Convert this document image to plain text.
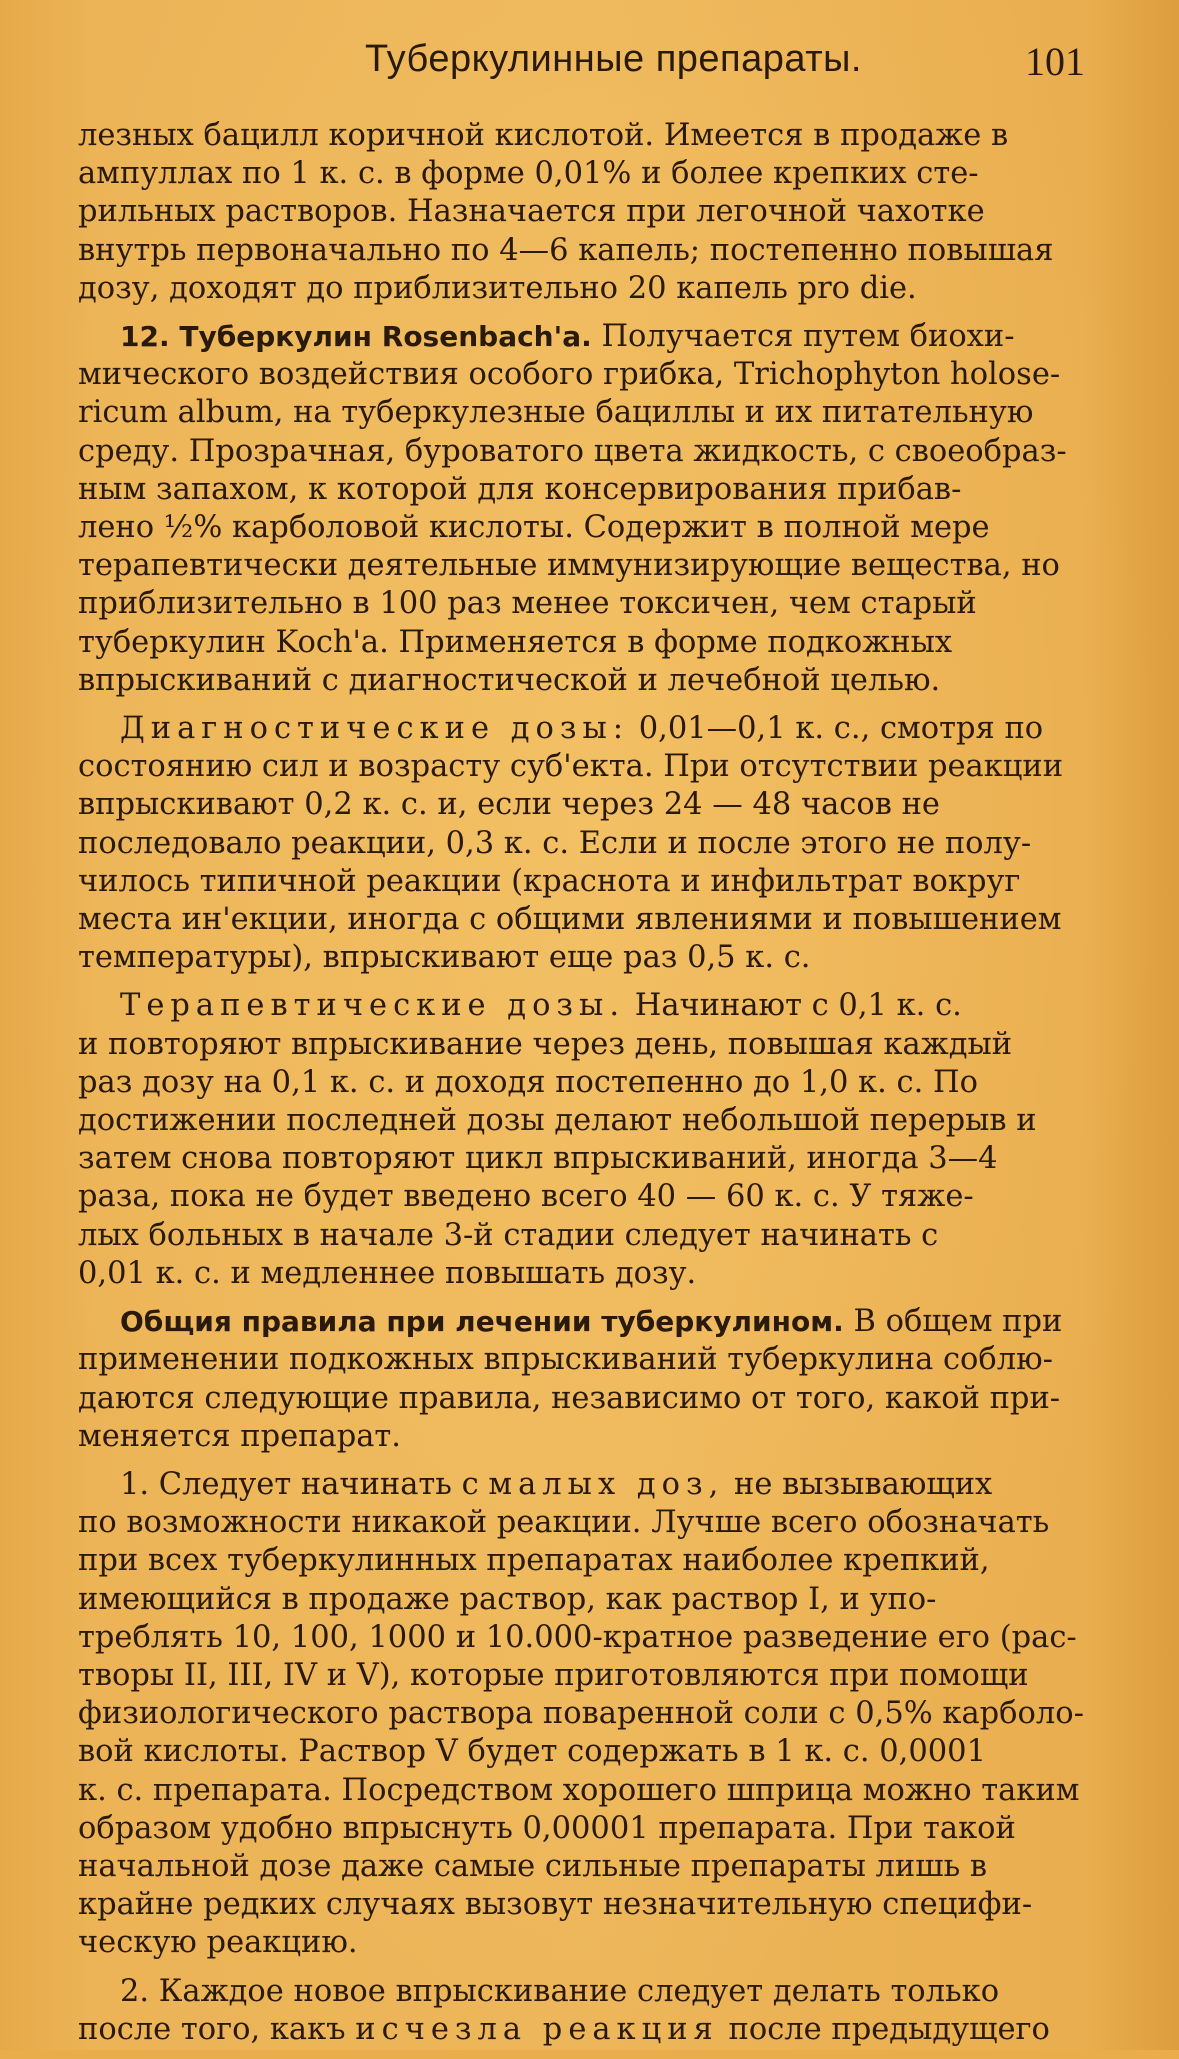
Туберкулинные препараты.	101
лезных бацилл коричной кислотой. Имеется в продаже в
ампуллах по 1 к. с. в форме 0,01% и более крепких сте-
рильных растворов. Назначается при легочной чахотке
внутрь первоначально по 4—6 капель; постепенно повышая
дозу, доходят до приблизительно 20 капель pro die.
12. Туберкулин Rosenbach'a. Получается путем биохи-
мического воздействия особого грибка, Trichophyton holose-
ricum album, на туберкулезные бациллы и их питательную
среду. Прозрачная, буроватого цвета жидкость, с своеобраз-
ным запахом, к которой для консервирования прибав-
лено ½% карболовой кислоты. Содержит в полной мере
терапевтически деятельные иммунизирующие вещества, но
приблизительно в 100 раз менее токсичен, чем старый
туберкулин Koch'a. Применяется в форме подкожных
впрыскиваний с диагностической и лечебной целью.
Диагностические дозы: 0,01—0,1 к. с., смотря по
состоянию сил и возрасту суб'екта. При отсутствии реакции
впрыскивают 0,2 к. с. и, если через 24 — 48 часов не
последовало реакции, 0,3 к. с. Если и после этого не полу-
чилось типичной реакции (краснота и инфильтрат вокруг
места ин'екции, иногда с общими явлениями и повышением
температуры), впрыскивают еще раз 0,5 к. с.
Терапевтические дозы. Начинают с 0,1 к. с.
и повторяют впрыскивание через день, повышая каждый
раз дозу на 0,1 к. с. и доходя постепенно до 1,0 к. с. По
достижении последней дозы делают небольшой перерыв и
затем снова повторяют цикл впрыскиваний, иногда 3—4
раза, пока не будет введено всего 40 — 60 к. с. У тяже-
лых больных в начале 3-й стадии следует начинать с
0,01 к. с. и медленнее повышать дозу.
Общия правила при лечении туберкулином. В общем при
применении подкожных впрыскиваний туберкулина соблю-
даются следующие правила, независимо от того, какой при-
меняется препарат.
1. Следует начинать с малых доз, не вызывающих
по возможности никакой реакции. Лучше всего обозначать
при всех туберкулинных препаратах наиболее крепкий,
имеющийся в продаже раствор, как раствор I, и упо-
треблять 10, 100, 1000 и 10.000-кратное разведение его (рас-
творы II, III, IV и V), которые приготовляются при помощи
физиологического раствора поваренной соли с 0,5% карболо-
вой кислоты. Раствор V будет содержать в 1 к. с. 0,0001
к. с. препарата. Посредством хорошего шприца можно таким
образом удобно впрыснуть 0,00001 препарата. При такой
начальной дозе даже самые сильные препараты лишь в
крайне редких случаях вызовут незначительную специфи-
ческую реакцию.
2. Каждое новое впрыскивание следует делать только
после того, какъ исчезла реакция после предыдущего
